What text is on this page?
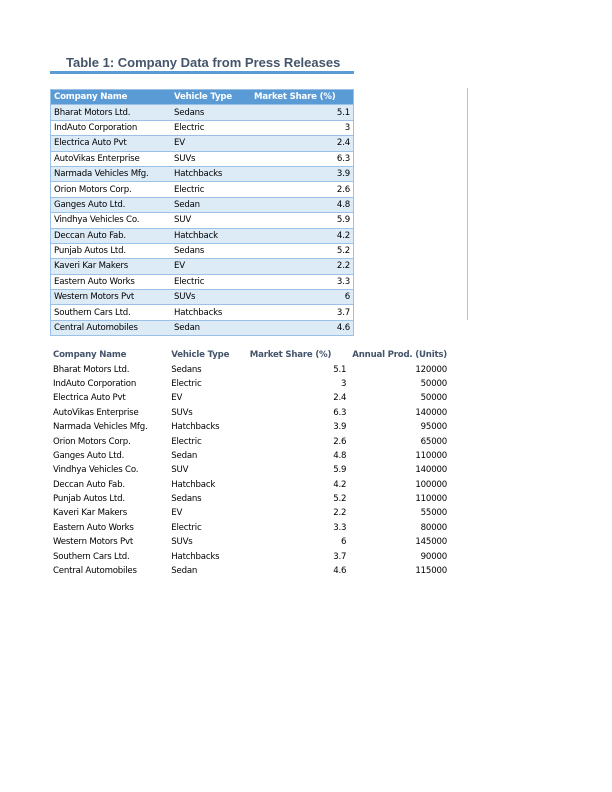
Table 1: Company Data from Press Releases
Company Name	Vehicle Type	Market Share (%)
Bharat Motors Ltd.	Sedans	5.1
IndAuto Corporation	Electric	3
Electrica Auto Pvt	EV	2.4
AutoVikas Enterprise	SUVs	6.3
Narmada Vehicles Mfg.	Hatchbacks	3.9
Orion Motors Corp.	Electric	2.6
Ganges Auto Ltd.	Sedan	4.8
Vindhya Vehicles Co.	SUV	5.9
Deccan Auto Fab.	Hatchback	4.2
Punjab Autos Ltd.	Sedans	5.2
Kaveri Kar Makers	EV	2.2
Eastern Auto Works	Electric	3.3
Western Motors Pvt	SUVs	6
Southern Cars Ltd.	Hatchbacks	3.7
Central Automobiles	Sedan	4.6
Company Name	Vehicle Type	Market Share (%)	Annual Prod. (Units)
Bharat Motors Ltd.	Sedans	5.1	120000
IndAuto Corporation	Electric	3	50000
Electrica Auto Pvt	EV	2.4	50000
AutoVikas Enterprise	SUVs	6.3	140000
Narmada Vehicles Mfg.	Hatchbacks	3.9	95000
Orion Motors Corp.	Electric	2.6	65000
Ganges Auto Ltd.	Sedan	4.8	110000
Vindhya Vehicles Co.	SUV	5.9	140000
Deccan Auto Fab.	Hatchback	4.2	100000
Punjab Autos Ltd.	Sedans	5.2	110000
Kaveri Kar Makers	EV	2.2	55000
Eastern Auto Works	Electric	3.3	80000
Western Motors Pvt	SUVs	6	145000
Southern Cars Ltd.	Hatchbacks	3.7	90000
Central Automobiles	Sedan	4.6	115000
